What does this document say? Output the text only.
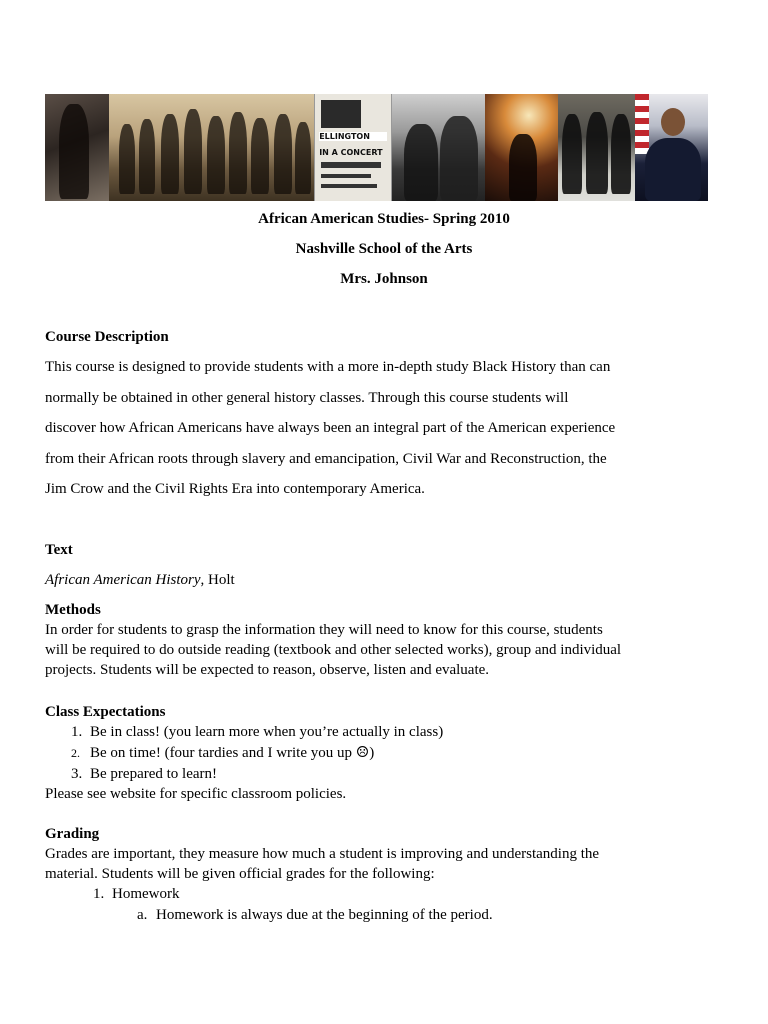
ELLINGTON
IN A CONCERT
African American Studies- Spring 2010
Nashville School of the Arts
Mrs. Johnson
Course Description
This course is designed to provide students with a more in-depth study Black History than can
normally be obtained in other general history classes. Through this course students will
discover how African Americans have always been an integral part of the American experience
from their African roots through slavery and emancipation, Civil War and Reconstruction, the
Jim Crow and the Civil Rights Era into contemporary America.
Text
African American History, Holt
Methods
In order for students to grasp the information they will need to know for this course, students
will be required to do outside reading (textbook and other selected works), group and individual
projects. Students will be expected to reason, observe, listen and evaluate.
Class Expectations
1. Be in class! (you learn more when you’re actually in class)
2. Be on time! (four tardies and I write you up ☹)
3. Be prepared to learn!
Please see website for specific classroom policies.
Grading
Grades are important, they measure how much a student is improving and understanding the
material. Students will be given official grades for the following:
1. Homework
a. Homework is always due at the beginning of the period.
